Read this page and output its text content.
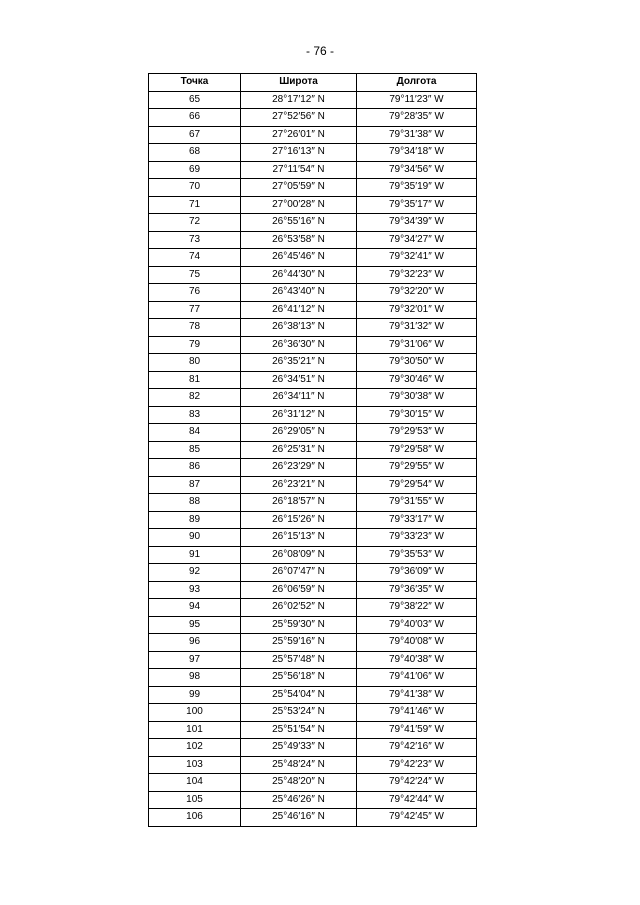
- 76 -
Точка	Широта	Долгота
65	28°17′12″ N	79°11′23″ W
66	27°52′56″ N	79°28′35″ W
67	27°26′01″ N	79°31′38″ W
68	27°16′13″ N	79°34′18″ W
69	27°11′54″ N	79°34′56″ W
70	27°05′59″ N	79°35′19″ W
71	27°00′28″ N	79°35′17″ W
72	26°55′16″ N	79°34′39″ W
73	26°53′58″ N	79°34′27″ W
74	26°45′46″ N	79°32′41″ W
75	26°44′30″ N	79°32′23″ W
76	26°43′40″ N	79°32′20″ W
77	26°41′12″ N	79°32′01″ W
78	26°38′13″ N	79°31′32″ W
79	26°36′30″ N	79°31′06″ W
80	26°35′21″ N	79°30′50″ W
81	26°34′51″ N	79°30′46″ W
82	26°34′11″ N	79°30′38″ W
83	26°31′12″ N	79°30′15″ W
84	26°29′05″ N	79°29′53″ W
85	26°25′31″ N	79°29′58″ W
86	26°23′29″ N	79°29′55″ W
87	26°23′21″ N	79°29′54″ W
88	26°18′57″ N	79°31′55″ W
89	26°15′26″ N	79°33′17″ W
90	26°15′13″ N	79°33′23″ W
91	26°08′09″ N	79°35′53″ W
92	26°07′47″ N	79°36′09″ W
93	26°06′59″ N	79°36′35″ W
94	26°02′52″ N	79°38′22″ W
95	25°59′30″ N	79°40′03″ W
96	25°59′16″ N	79°40′08″ W
97	25°57′48″ N	79°40′38″ W
98	25°56′18″ N	79°41′06″ W
99	25°54′04″ N	79°41′38″ W
100	25°53′24″ N	79°41′46″ W
101	25°51′54″ N	79°41′59″ W
102	25°49′33″ N	79°42′16″ W
103	25°48′24″ N	79°42′23″ W
104	25°48′20″ N	79°42′24″ W
105	25°46′26″ N	79°42′44″ W
106	25°46′16″ N	79°42′45″ W
